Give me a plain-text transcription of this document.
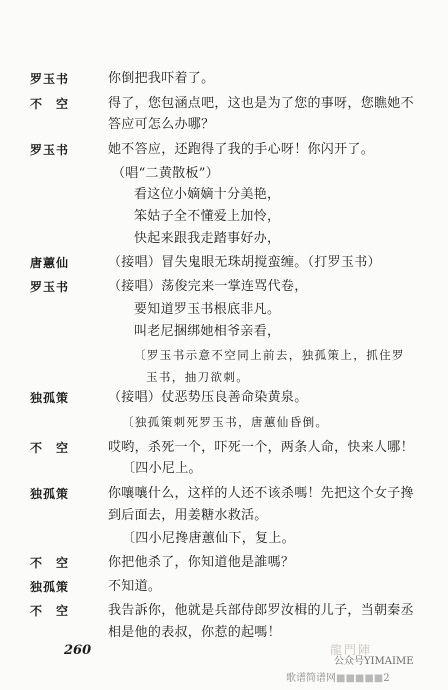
罗玉书	你倒把我吓着了。
不　空	得了，您包涵点吧，这也是为了您的事呀，您瞧她不
答应可怎么办哪？
罗玉书	她不答应，还跑得了我的手心呀！你闪开了。
（唱“二黄散板”）
看这位小嫡嫡十分美艳，
笨姑子全不懂爱上加怜，
快起来跟我走踏事好办，
唐蕙仙	（接唱）冒失鬼眼无珠胡搅蛮缠。（打罗玉书）
罗玉书	（接唱）荡俊完来一掌连骂代卷，
要知道罗玉书根底非凡。
叫老尼捆绑她相爷亲看，
〔罗玉书示意不空同上前去，独孤策上，抓住罗
玉书，抽刀欲刺。
独孤策	（接唱）仗恶势压良善命染黄泉。
〔独孤策刺死罗玉书，唐蕙仙昏倒。
不　空	哎哟，杀死一个，吓死一个，两条人命，快来人哪！
〔四小尼上。
独孤策	你嚷嚷什么，这样的人还不该杀嗎！先把这个女子搀
到后面去，用姜糖水救活。
〔四小尼搀唐蕙仙下，复上。
不　空	你把他杀了，你知道他是誰嗎？
独孤策	不知道。
不　空	我告訴你，他就是兵部侍郎罗汝楫的儿子，当朝秦丞
相是他的表叔，你惹的起嗎！
260	龍門陣
公众号YIMAIME
歌谱简谱网■■■■■2
